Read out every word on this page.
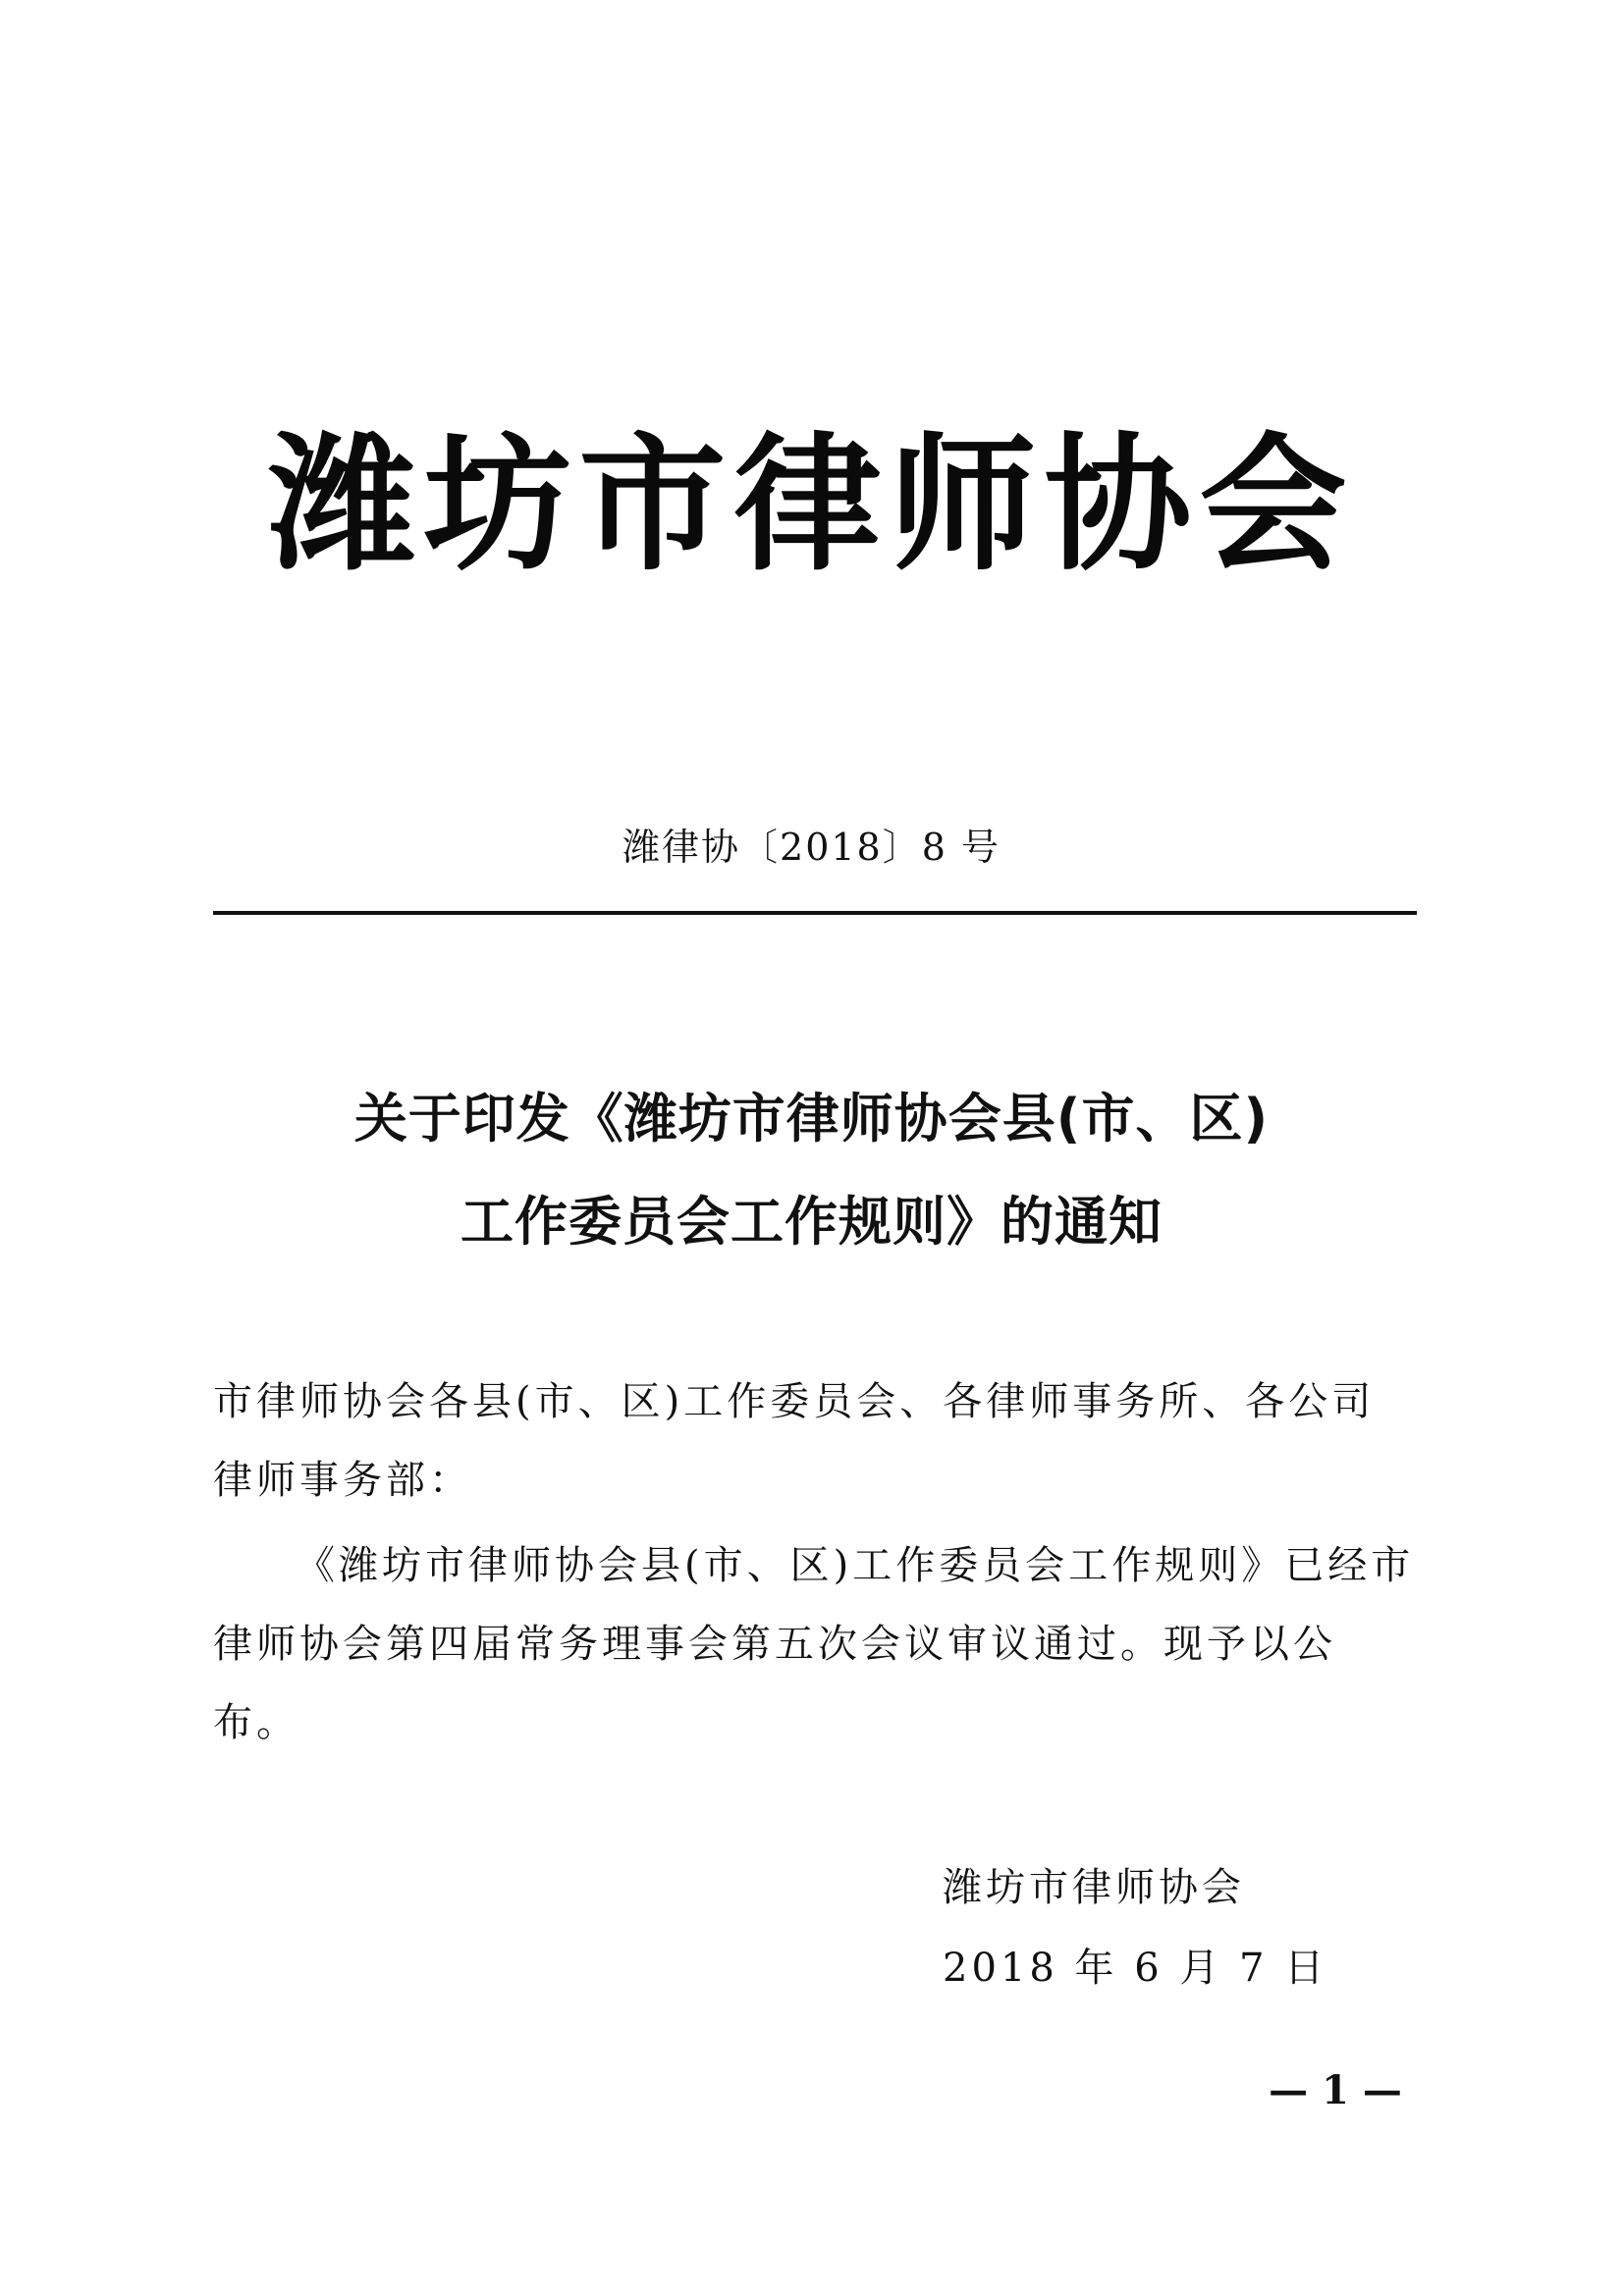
潍坊市律师协会
潍律协〔2018〕8 号
关于印发《潍坊市律师协会县(市、区)
工作委员会工作规则》的通知
市律师协会各县(市、区)工作委员会、各律师事务所、各公司律师事务部：
《潍坊市律师协会县(市、区)工作委员会工作规则》已经市律师协会第四届常务理事会第五次会议审议通过。现予以公布。
潍坊市律师协会
2018 年 6 月 7 日
— 1 —
